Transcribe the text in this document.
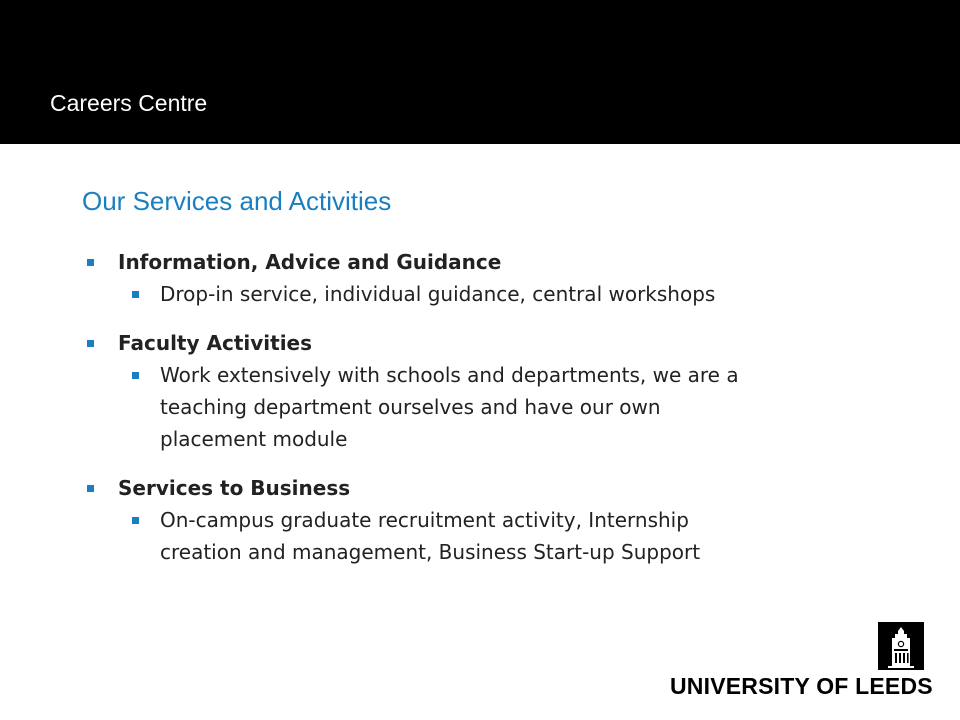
Careers Centre
Our Services and Activities
Information, Advice and Guidance
Drop-in service, individual guidance, central workshops
Faculty Activities
Work extensively with schools and departments, we are a
teaching department ourselves and have our own
placement module
Services to Business
On-campus graduate recruitment activity, Internship
creation and management, Business Start-up Support
UNIVERSITY OF LEEDS
